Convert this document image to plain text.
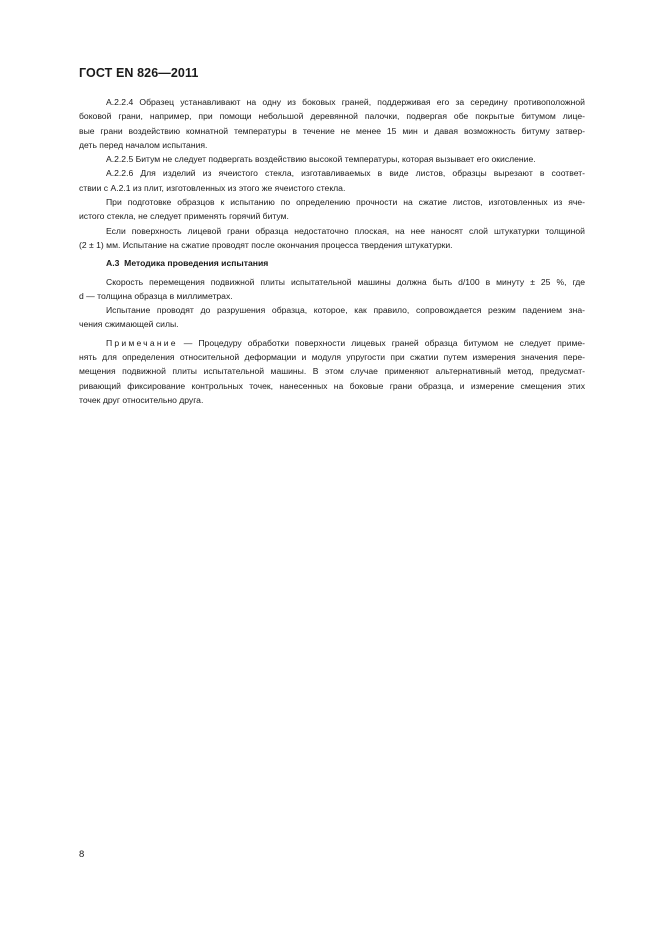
ГОСТ EN 826—2011

А.2.2.4 Образец устанавливают на одну из боковых граней, поддерживая его за середину противоположной
боковой грани, например, при помощи небольшой деревянной палочки, подвергая обе покрытые битумом лице-
вые грани воздействию комнатной температуры в течение не менее 15 мин и давая возможность битуму затвер-
деть перед началом испытания.

А.2.2.5 Битум не следует подвергать воздействию высокой температуры, которая вызывает его окисление.

А.2.2.6 Для изделий из ячеистого стекла, изготавливаемых в виде листов, образцы вырезают в соответ-
ствии с А.2.1 из плит, изготовленных из этого же ячеистого стекла.

При подготовке образцов к испытанию по определению прочности на сжатие листов, изготовленных из яче-
истого стекла, не следует применять горячий битум.

Если поверхность лицевой грани образца недостаточно плоская, на нее наносят слой штукатурки толщиной
(2 ± 1) мм. Испытание на сжатие проводят после окончания процесса твердения штукатурки.

А.3 Методика проведения испытания

Скорость перемещения подвижной плиты испытательной машины должна быть d/100 в минуту ± 25 %, где
d — толщина образца в миллиметрах.

Испытание проводят до разрушения образца, которое, как правило, сопровождается резким падением зна-
чения сжимающей силы.

Примечание — Процедуру обработки поверхности лицевых граней образца битумом не следует приме-
нять для определения относительной деформации и модуля упругости при сжатии путем измерения значения пере-
мещения подвижной плиты испытательной машины. В этом случае применяют альтернативный метод, предусмат-
ривающий фиксирование контрольных точек, нанесенных на боковые грани образца, и измерение смещения этих
точек друг относительно друга.

8
